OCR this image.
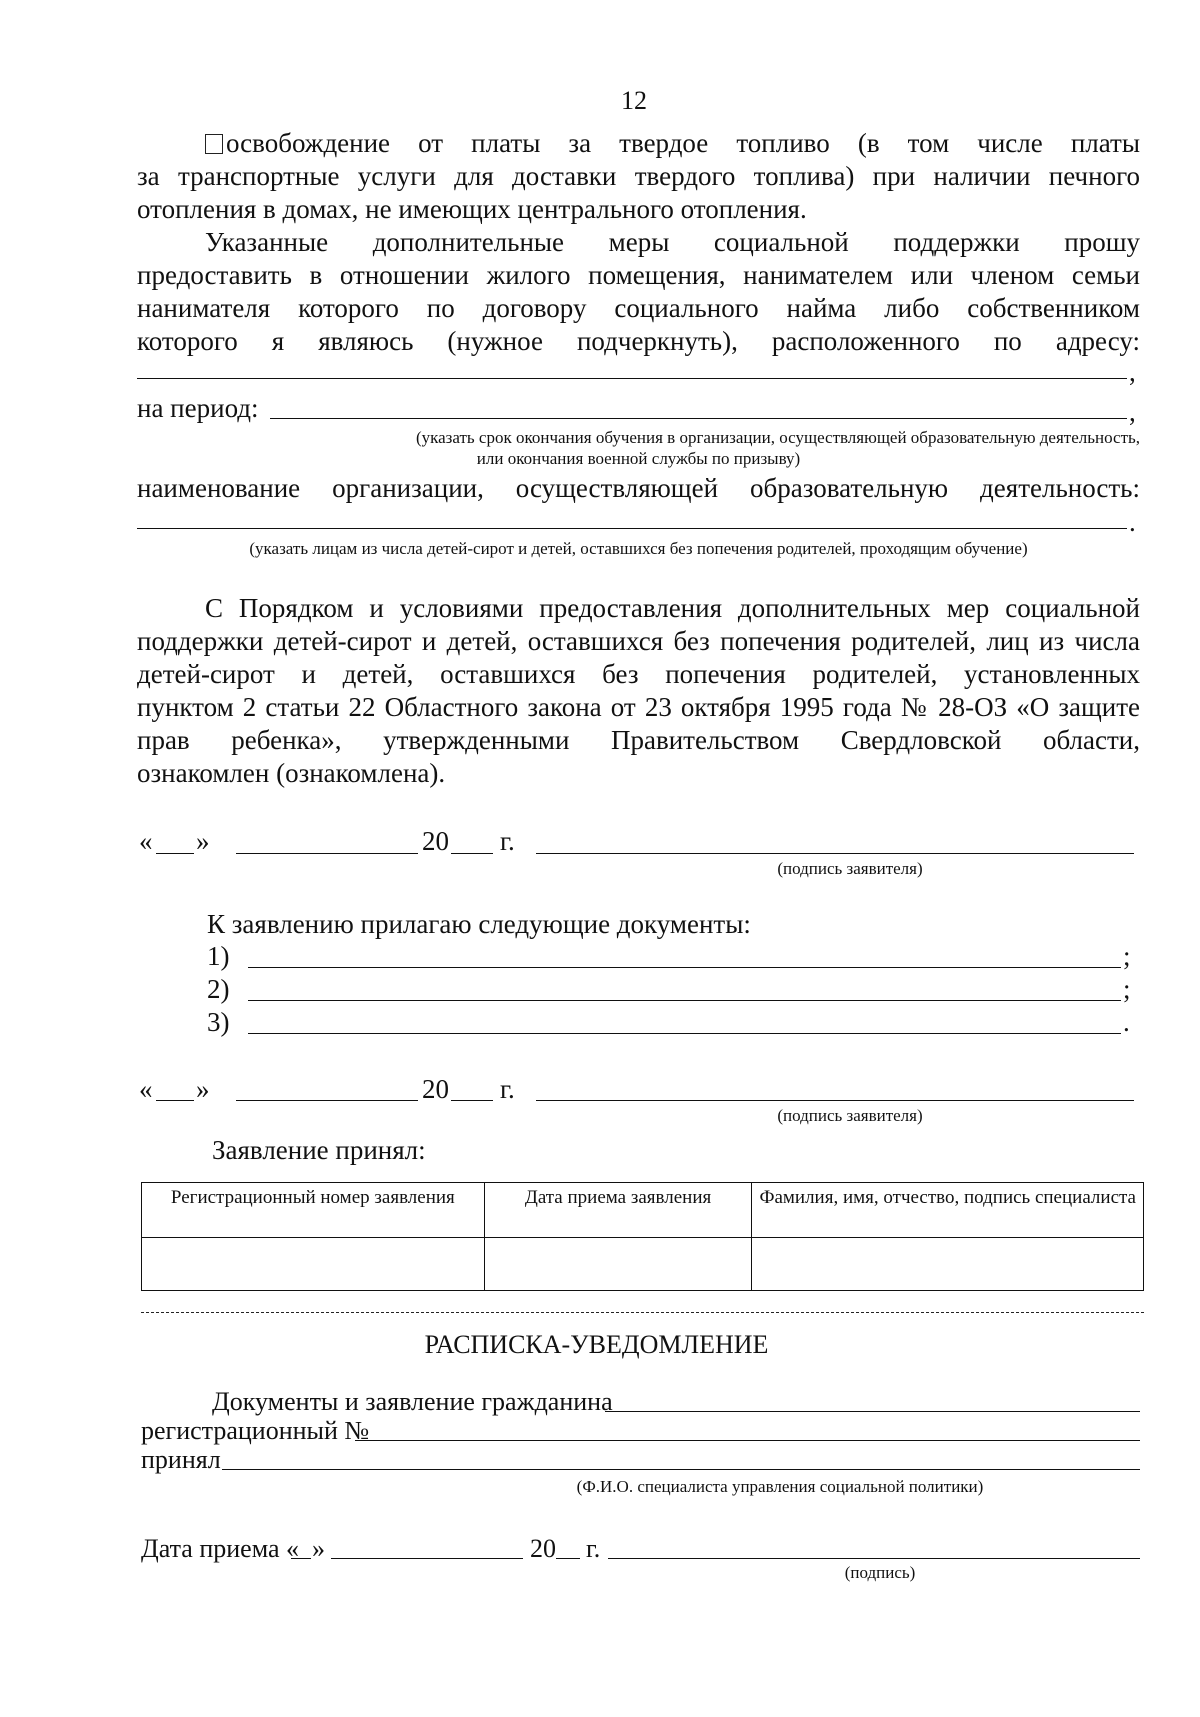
12
освобождение от платы за твердое топливо (в том числе платы
за транспортные услуги для доставки твердого топлива) при наличии печного
отопления в домах, не имеющих центрального отопления.
Указанные дополнительные меры социальной поддержки прошу
предоставить в отношении жилого помещения, нанимателем или членом семьи
нанимателя которого по договору социального найма либо собственником
которого я являюсь (нужное подчеркнуть), расположенного по адресу:
,
на период:	,
(указать срок окончания обучения в организации, осуществляющей образовательную деятельность,
или окончания военной службы по призыву)
наименование организации, осуществляющей образовательную деятельность:
.
(указать лицам из числа детей-сирот и детей, оставшихся без попечения родителей, проходящим обучение)
С Порядком и условиями предоставления дополнительных мер социальной
поддержки детей-сирот и детей, оставшихся без попечения родителей, лиц из числа
детей-сирот и детей, оставшихся без попечения родителей, установленных
пунктом 2 статьи 22 Областного закона от 23 октября 1995 года № 28-ОЗ «О защите
прав ребенка», утвержденными Правительством Свердловской области,
ознакомлен (ознакомлена).
« »	20 г.
(подпись заявителя)
К заявлению прилагаю следующие документы:
1)	;
2)	;
3)	.
« »	20 г.
(подпись заявителя)
Заявление принял:
Регистрационный номер заявления	Дата приема заявления	Фамилия, имя, отчество, подпись специалиста

РАСПИСКА-УВЕДОМЛЕНИЕ
Документы и заявление гражданина
регистрационный №
принял
(Ф.И.О. специалиста управления социальной политики)
Дата приема « »	20 г.
(подпись)
